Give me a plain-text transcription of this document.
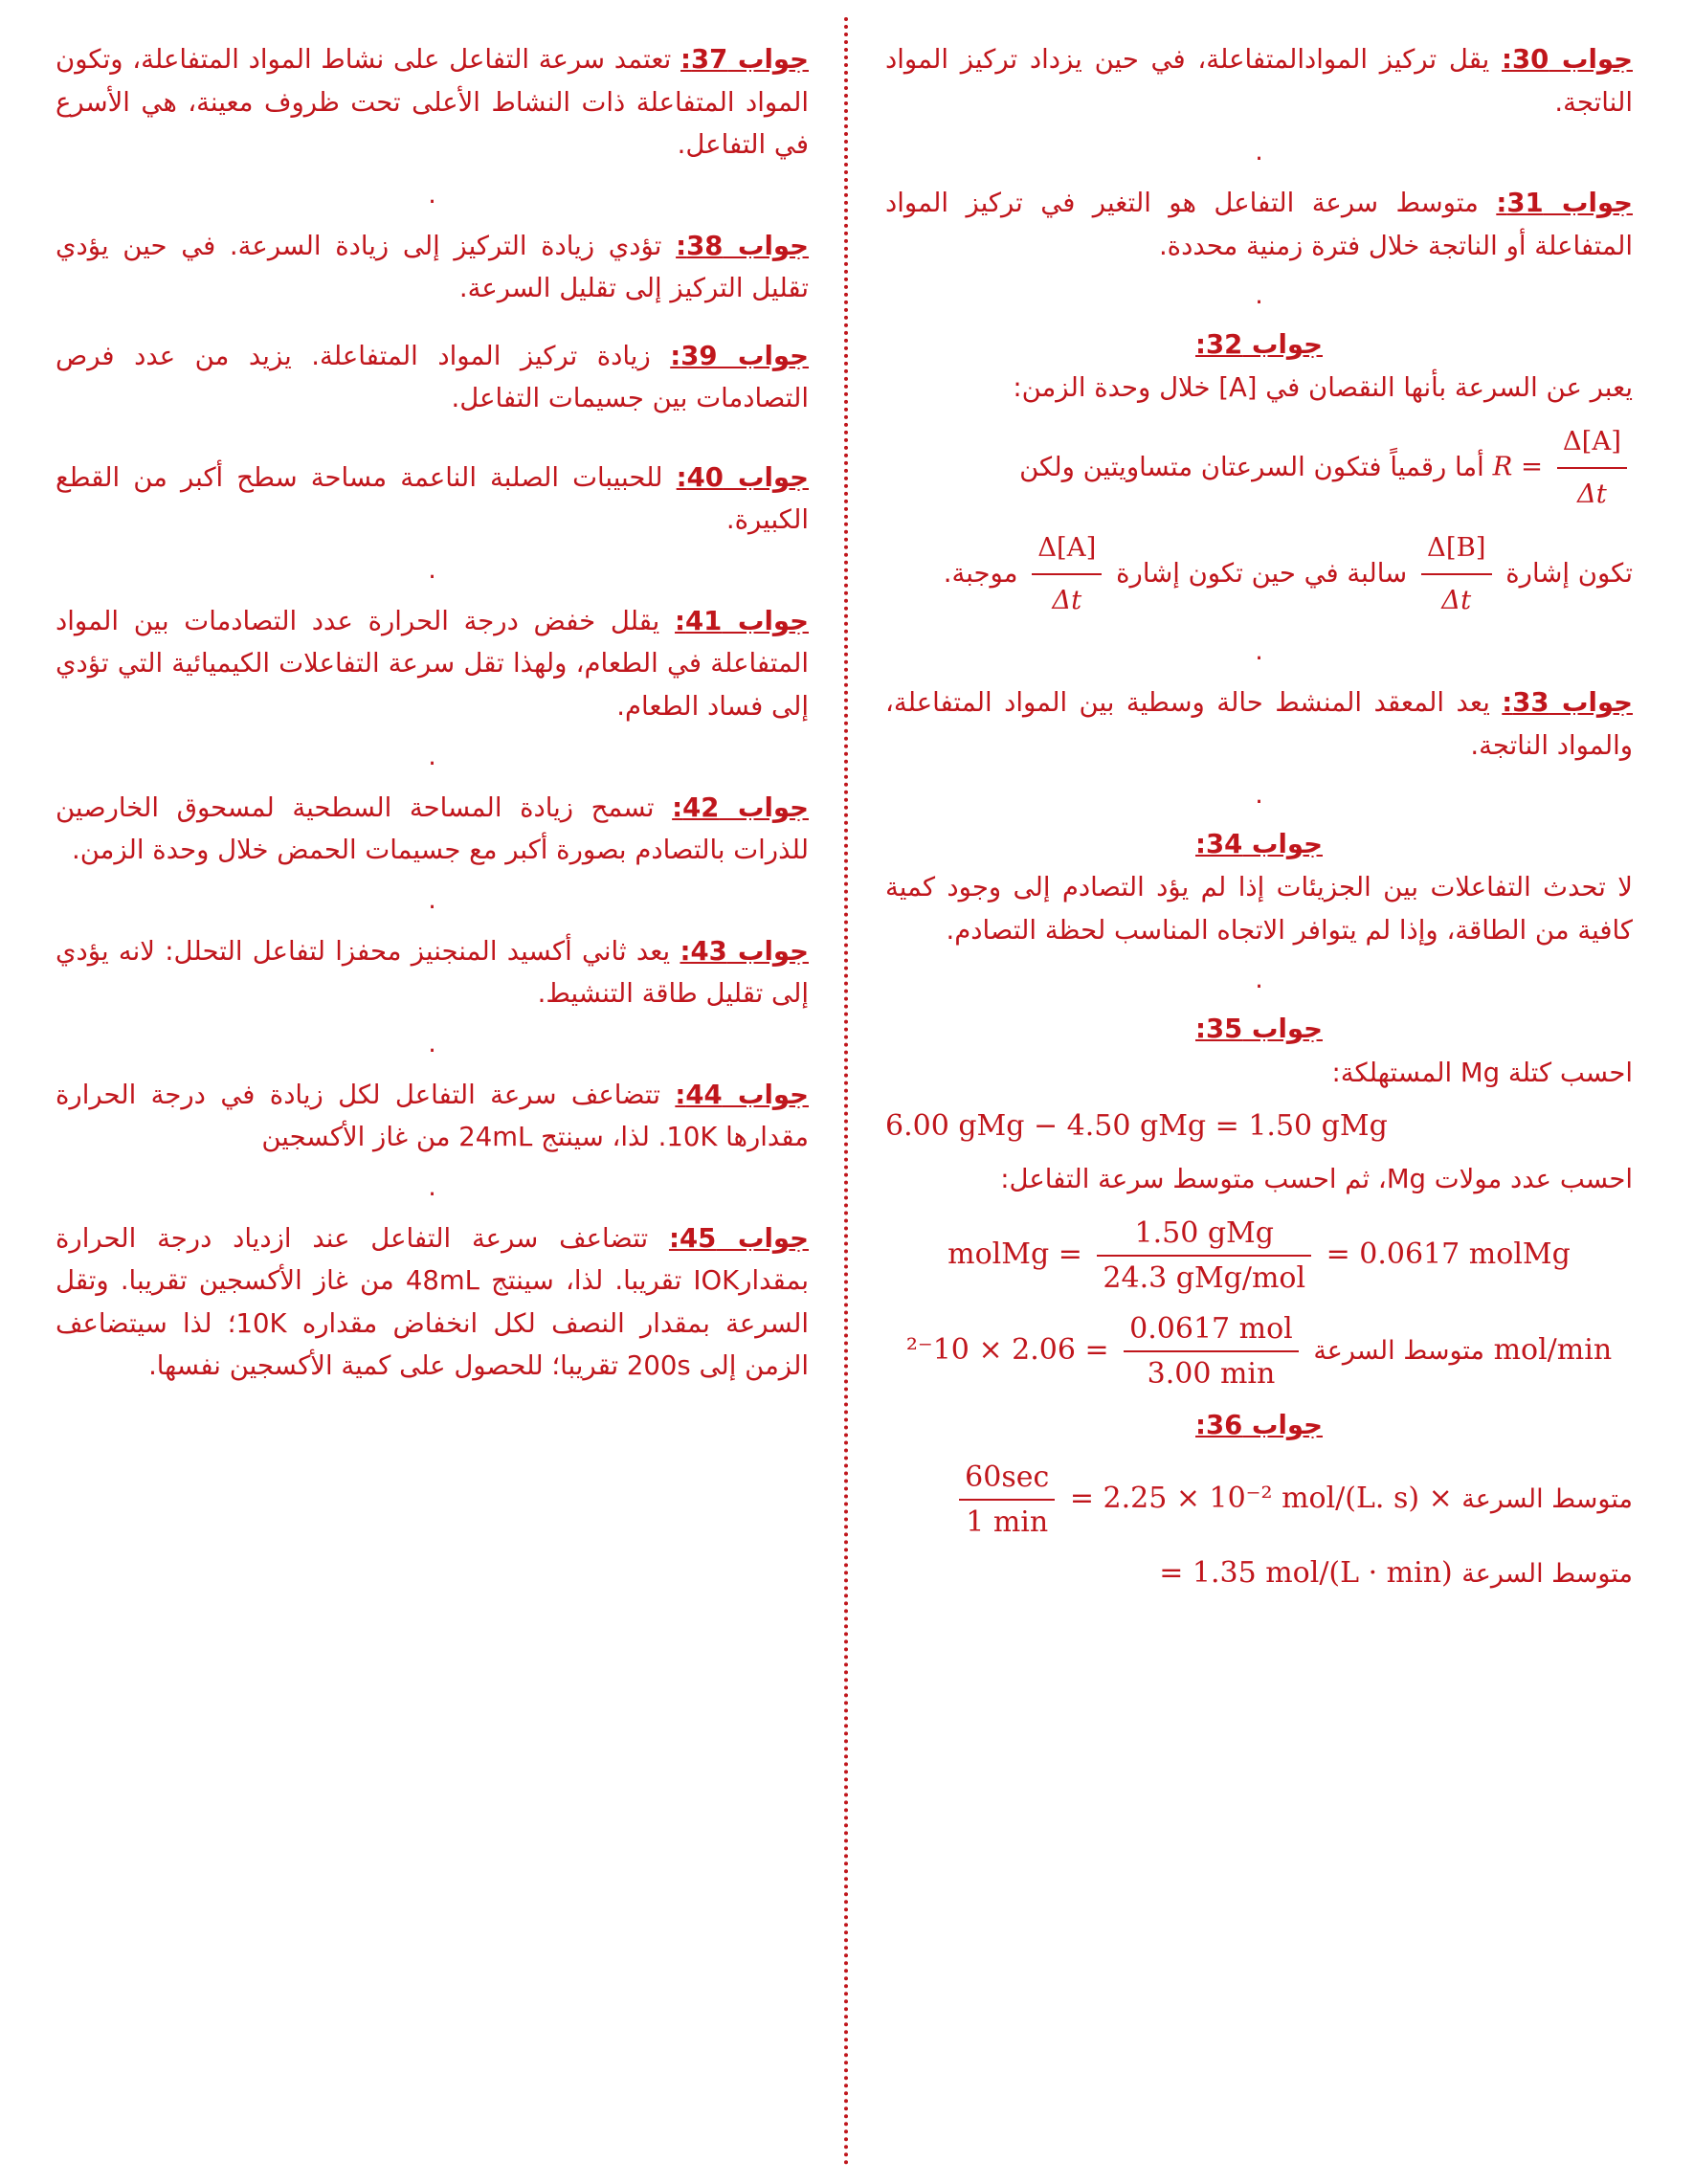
جواب 30: يقل تركيز الموادالمتفاعلة، في حين يزداد تركيز المواد الناتجة.

.

جواب 31: متوسط سرعة التفاعل هو التغير في تركيز المواد المتفاعلة أو الناتجة خلال فترة زمنية محددة.

.

جواب 32:

يعبر عن السرعة بأنها النقصان في [A] خلال وحدة الزمن:

$R = \frac{\Delta[A]}{\Delta t}$
أما رقمياً فتكون السرعتان متساويتين ولكن
تكون إشارة
$\frac{\Delta[B]}{\Delta t}$
سالبة في حين تكون إشارة
$\frac{\Delta[A]}{\Delta t}$
موجبة.
.

جواب 33: يعد المعقد المنشط حالة وسطية بين المواد المتفاعلة، والمواد الناتجة.

.

جواب 34:

لا تحدث التفاعلات بين الجزيئات إذا لم يؤد التصادم إلى وجود كمية كافية من الطاقة، وإذا لم يتوافر الاتجاه المناسب لحظة التصادم.

.

جواب 35:

احسب كتلة Mg المستهلكة:

6.00 gMg − 4.50 gMg = 1.50 gMg

احسب عدد مولات Mg، ثم احسب متوسط سرعة التفاعل:

molMg = $\frac{\text{1.50 gMg}}{\text{24.3 gMg/mol}} = 0.0617$ molMg
متوسط السرعة
$\frac{\text{0.0617 mol}}{3.00 \min}$
= 2.06 × 10⁻² mol/min

جواب 36:

$\frac{60\sec}{1 \min} = 2.25 \times 10^{-2}$ mol/(L. s) × متوسط السرعة
= 1.35 mol/(L · min) متوسط السرعة

جواب 37: تعتمد سرعة التفاعل على نشاط المواد المتفاعلة، وتكون المواد المتفاعلة ذات النشاط الأعلى تحت ظروف معينة، هي الأسرع في التفاعل.

.

جواب 38: تؤدي زيادة التركيز إلى زيادة السرعة. في حين يؤدي تقليل التركيز إلى تقليل السرعة.

جواب 39: زيادة تركيز المواد المتفاعلة. يزيد من عدد فرص التصادمات بين جسيمات التفاعل.

جواب 40: للحبيبات الصلبة الناعمة مساحة سطح أكبر من القطع الكبيرة.

.

جواب 41: يقلل خفض درجة الحرارة عدد التصادمات بين المواد المتفاعلة في الطعام، ولهذا تقل سرعة التفاعلات الكيميائية التي تؤدي إلى فساد الطعام.

.

جواب 42: تسمح زيادة المساحة السطحية لمسحوق الخارصين للذرات بالتصادم بصورة أكبر مع جسيمات الحمض خلال وحدة الزمن.

.

جواب 43: يعد ثاني أكسيد المنجنيز محفزا لتفاعل التحلل: لانه يؤدي إلى تقليل طاقة التنشيط.

.

جواب 44: تتضاعف سرعة التفاعل لكل زيادة في درجة الحرارة مقدارها 10K. لذا، سينتج 24mL من غاز الأكسجين

.

جواب 45: تتضاعف سرعة التفاعل عند ازدياد درجة الحرارة بمقدارIOK تقريبا. لذا، سينتج 48mL من غاز الأكسجين تقريبا. وتقل السرعة بمقدار النصف لكل انخفاض مقداره 10K؛ لذا سيتضاعف الزمن إلى 200s تقريبا؛ للحصول على كمية الأكسجين نفسها.
